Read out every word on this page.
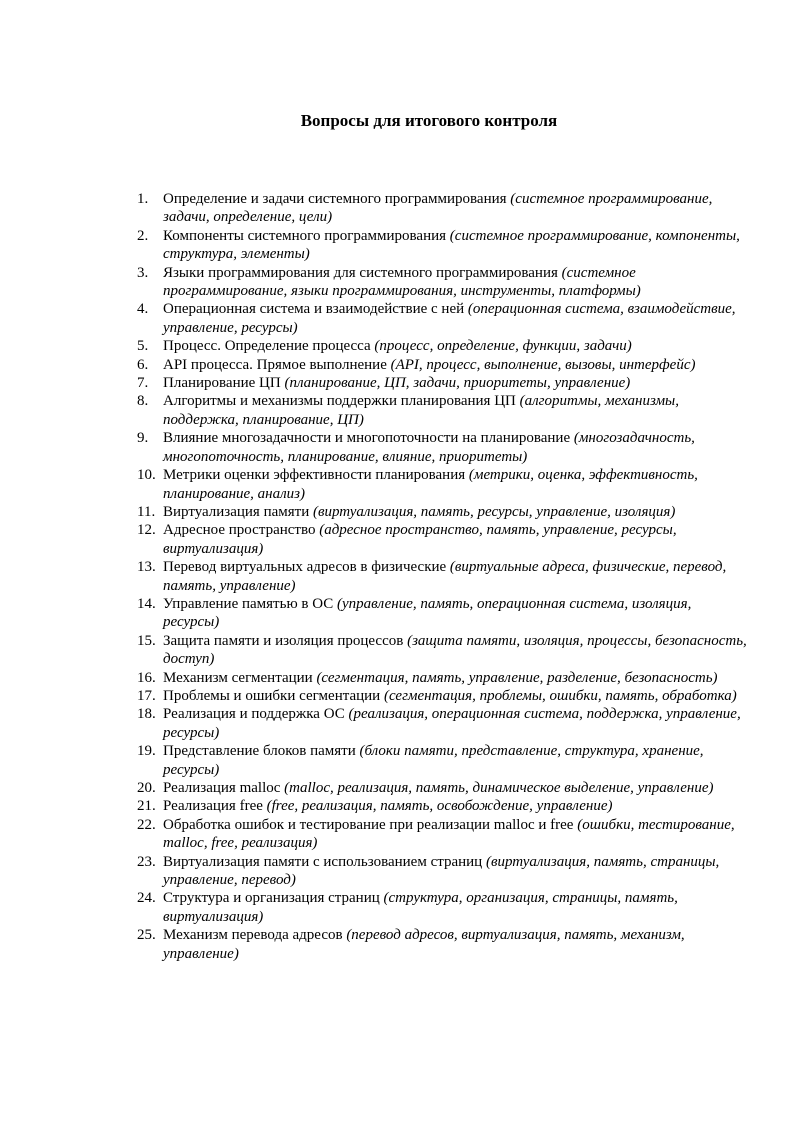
Вопросы для итогового контроля
1. Определение и задачи системного программирования (системное программирование, задачи, определение, цели)
2. Компоненты системного программирования (системное программирование, компоненты, структура, элементы)
3. Языки программирования для системного программирования (системное программирование, языки программирования, инструменты, платформы)
4. Операционная система и взаимодействие с ней (операционная система, взаимодействие, управление, ресурсы)
5. Процесс. Определение процесса (процесс, определение, функции, задачи)
6. API процесса. Прямое выполнение (API, процесс, выполнение, вызовы, интерфейс)
7. Планирование ЦП (планирование, ЦП, задачи, приоритеты, управление)
8. Алгоритмы и механизмы поддержки планирования ЦП (алгоритмы, механизмы, поддержка, планирование, ЦП)
9. Влияние многозадачности и многопоточности на планирование (многозадачность, многопоточность, планирование, влияние, приоритеты)
10. Метрики оценки эффективности планирования (метрики, оценка, эффективность, планирование, анализ)
11. Виртуализация памяти (виртуализация, память, ресурсы, управление, изоляция)
12. Адресное пространство (адресное пространство, память, управление, ресурсы, виртуализация)
13. Перевод виртуальных адресов в физические (виртуальные адреса, физические, перевод, память, управление)
14. Управление памятью в ОС (управление, память, операционная система, изоляция, ресурсы)
15. Защита памяти и изоляция процессов (защита памяти, изоляция, процессы, безопасность, доступ)
16. Механизм сегментации (сегментация, память, управление, разделение, безопасность)
17. Проблемы и ошибки сегментации (сегментация, проблемы, ошибки, память, обработка)
18. Реализация и поддержка ОС (реализация, операционная система, поддержка, управление, ресурсы)
19. Представление блоков памяти (блоки памяти, представление, структура, хранение, ресурсы)
20. Реализация malloc (malloc, реализация, память, динамическое выделение, управление)
21. Реализация free (free, реализация, память, освобождение, управление)
22. Обработка ошибок и тестирование при реализации malloc и free (ошибки, тестирование, malloc, free, реализация)
23. Виртуализация памяти с использованием страниц (виртуализация, память, страницы, управление, перевод)
24. Структура и организация страниц (структура, организация, страницы, память, виртуализация)
25. Механизм перевода адресов (перевод адресов, виртуализация, память, механизм, управление)
